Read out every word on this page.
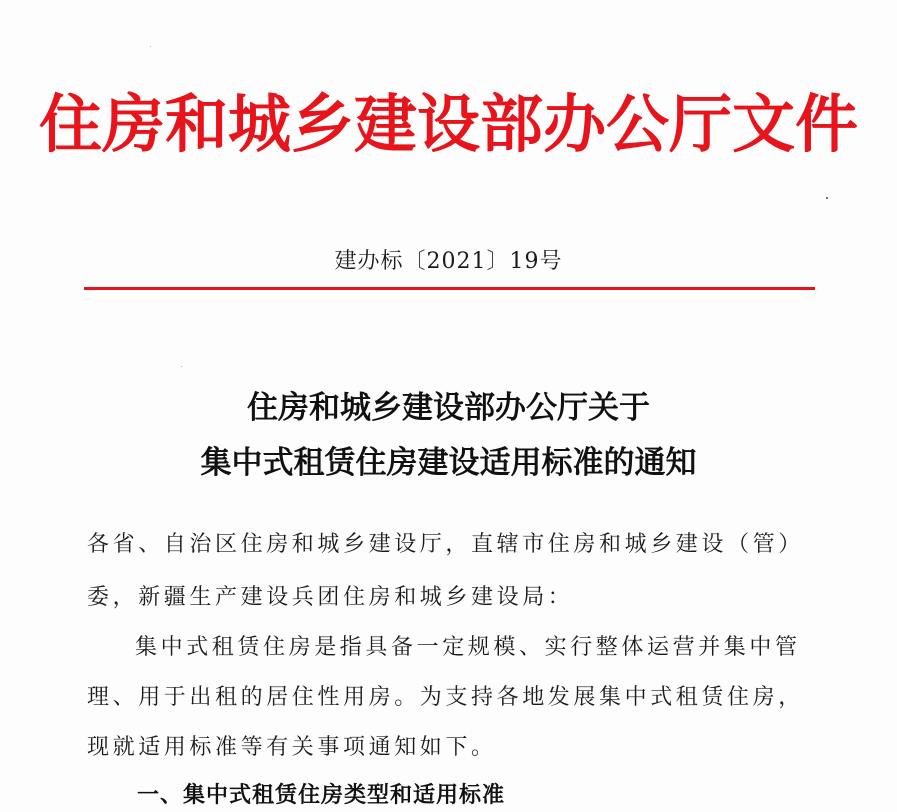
住房和城乡建设部办公厅文件
建办标〔2021〕19号
住房和城乡建设部办公厅关于
集中式租赁住房建设适用标准的通知
各省、自治区住房和城乡建设厅，直辖市住房和城乡建设（管）
委，新疆生产建设兵团住房和城乡建设局：
集中式租赁住房是指具备一定规模、实行整体运营并集中管
理、用于出租的居住性用房。为支持各地发展集中式租赁住房，
现就适用标准等有关事项通知如下。
一、集中式租赁住房类型和适用标准
